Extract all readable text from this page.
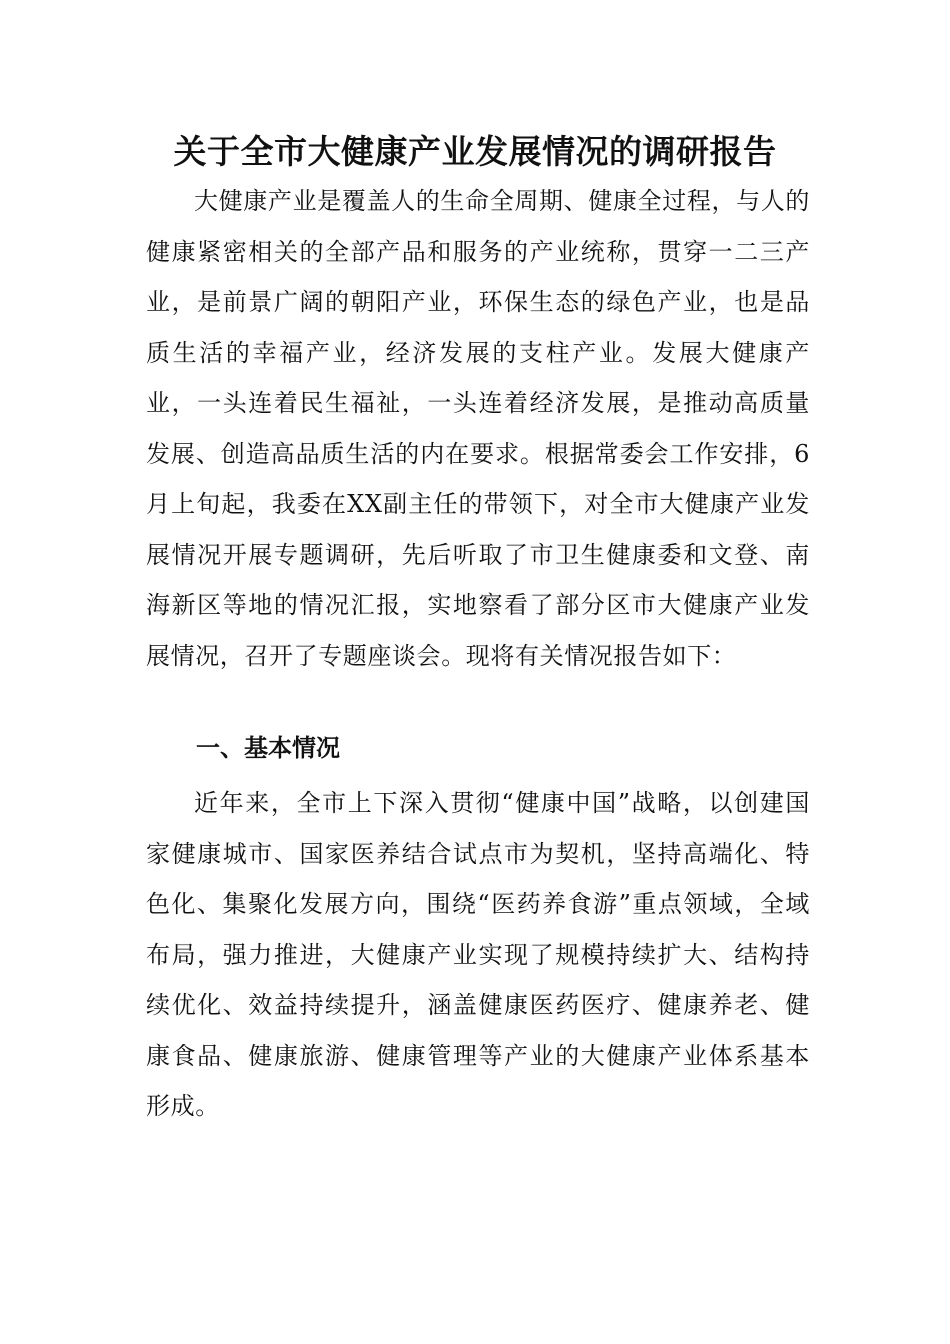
关于全市大健康产业发展情况的调研报告

大健康产业是覆盖人的生命全周期、健康全过程，与人的健康紧密相关的全部产品和服务的产业统称，贯穿一二三产业，是前景广阔的朝阳产业，环保生态的绿色产业，也是品质生活的幸福产业，经济发展的支柱产业。发展大健康产业，一头连着民生福祉，一头连着经济发展，是推动高质量发展、创造高品质生活的内在要求。根据常委会工作安排，6月上旬起，我委在XX副主任的带领下，对全市大健康产业发展情况开展专题调研，先后听取了市卫生健康委和文登、南海新区等地的情况汇报，实地察看了部分区市大健康产业发展情况，召开了专题座谈会。现将有关情况报告如下：

一、基本情况

近年来，全市上下深入贯彻“健康中国”战略，以创建国家健康城市、国家医养结合试点市为契机，坚持高端化、特色化、集聚化发展方向，围绕“医药养食游”重点领域，全域布局，强力推进，大健康产业实现了规模持续扩大、结构持续优化、效益持续提升，涵盖健康医药医疗、健康养老、健康食品、健康旅游、健康管理等产业的大健康产业体系基本形成。
